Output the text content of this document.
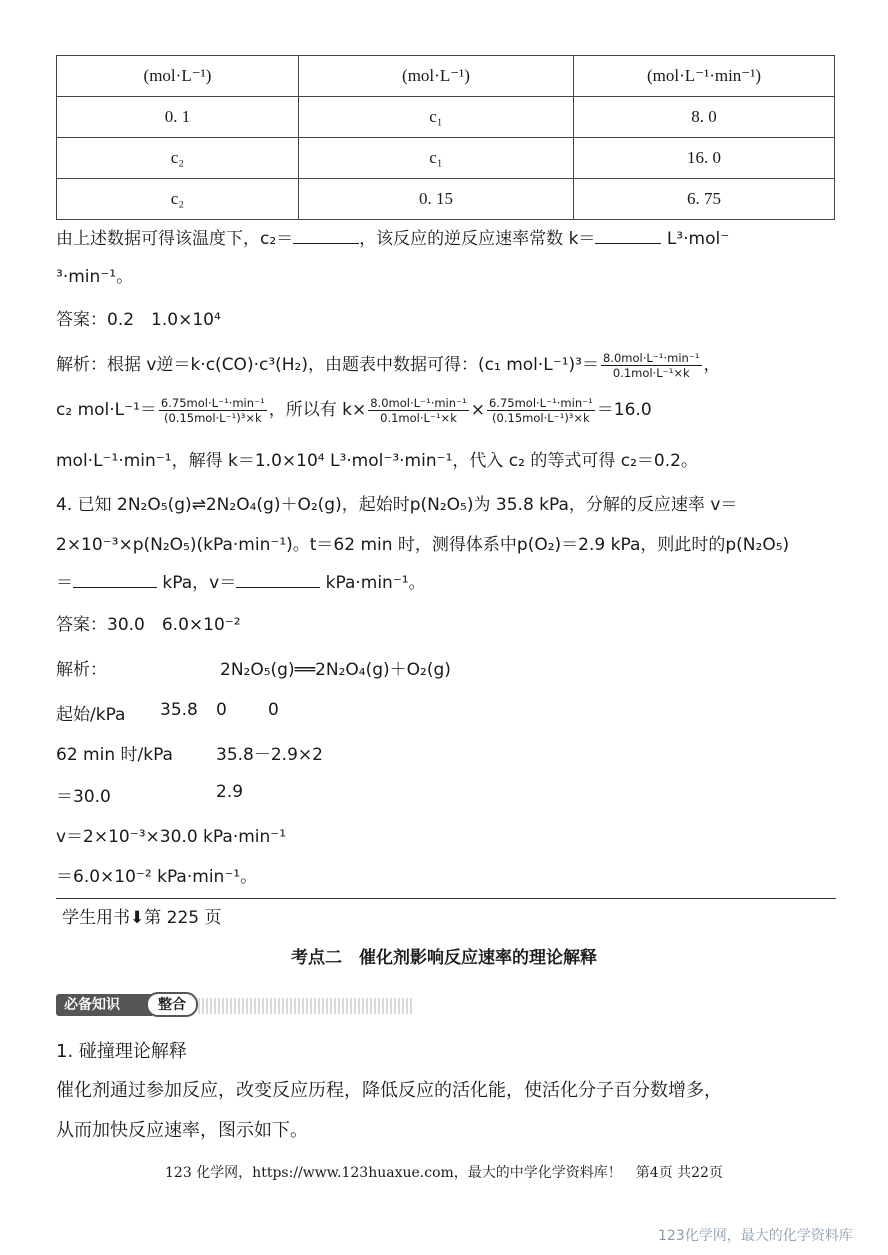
(mol·L⁻¹)	(mol·L⁻¹)	(mol·L⁻¹·min⁻¹)
0. 1	c₁	8. 0
c₂	c₁	16. 0
c₂	0. 15	6. 75
由上述数据可得该温度下，c₂＝	，该反应的逆反应速率常数 k＝	L³·mol⁻
³·min⁻¹。
答案：0.2　1.0×10⁴
解析：根据 v逆＝k·c(CO)·c³(H₂)，由题表中数据可得：(c₁ $mol\cdot L^{-1})^3= \frac{\text{8.0mol·L⁻¹·min⁻¹}}{\text{0.1mol·L⁻¹×k}}$ ，
c₂ $mol\cdot L^{-1}= \frac{\text{6.75mol·L⁻¹·min⁻¹}}{\text{(0.15mol·L⁻¹)³×k}}$ ，所以有 $k\times \frac{\text{8.0mol·L⁻¹·min⁻¹}}{\text{0.1mol·L⁻¹×k}} \times \frac{\text{6.75mol·L⁻¹·min⁻¹}}{\text{(0.15mol·L⁻¹)³×k}} =16.0$
mol·L⁻¹·min⁻¹，解得 k＝1.0×10⁴ L³·mol⁻³·min⁻¹，代入 c₂ 的等式可得 c₂＝0.2。
4. 已知 2N₂O₅(g)⇌2N₂O₄(g)＋O₂(g)，起始时p(N₂O₅)为 35.8 kPa，分解的反应速率 v＝
2×10⁻³×p(N₂O₅)(kPa·min⁻¹)。t＝62 min 时，测得体系中p(O₂)＝2.9 kPa，则此时的p(N₂O₅)
＝	kPa，v＝	kPa·min⁻¹。
答案：30.0　6.0×10⁻²
解析：	2N₂O₅(g)══2N₂O₄(g)＋O₂(g)
起始/kPa 35.8 0 0
62 min 时/kPa	35.8－2.9×2
＝30.0	2.9
v＝2×10⁻³×30.0 kPa·min⁻¹
＝6.0×10⁻² kPa·min⁻¹。
学生用书⬇第 225 页
考点二　催化剂影响反应速率的理论解释
必备知识	整合
1. 碰撞理论解释
催化剂通过参加反应，改变反应历程，降低反应的活化能，使活化分子百分数增多，
从而加快反应速率，图示如下。
123 化学网，https://www.123huaxue.com，最大的中学化学资料库！　第4页 共22页
123化学网，最大的化学资料库
